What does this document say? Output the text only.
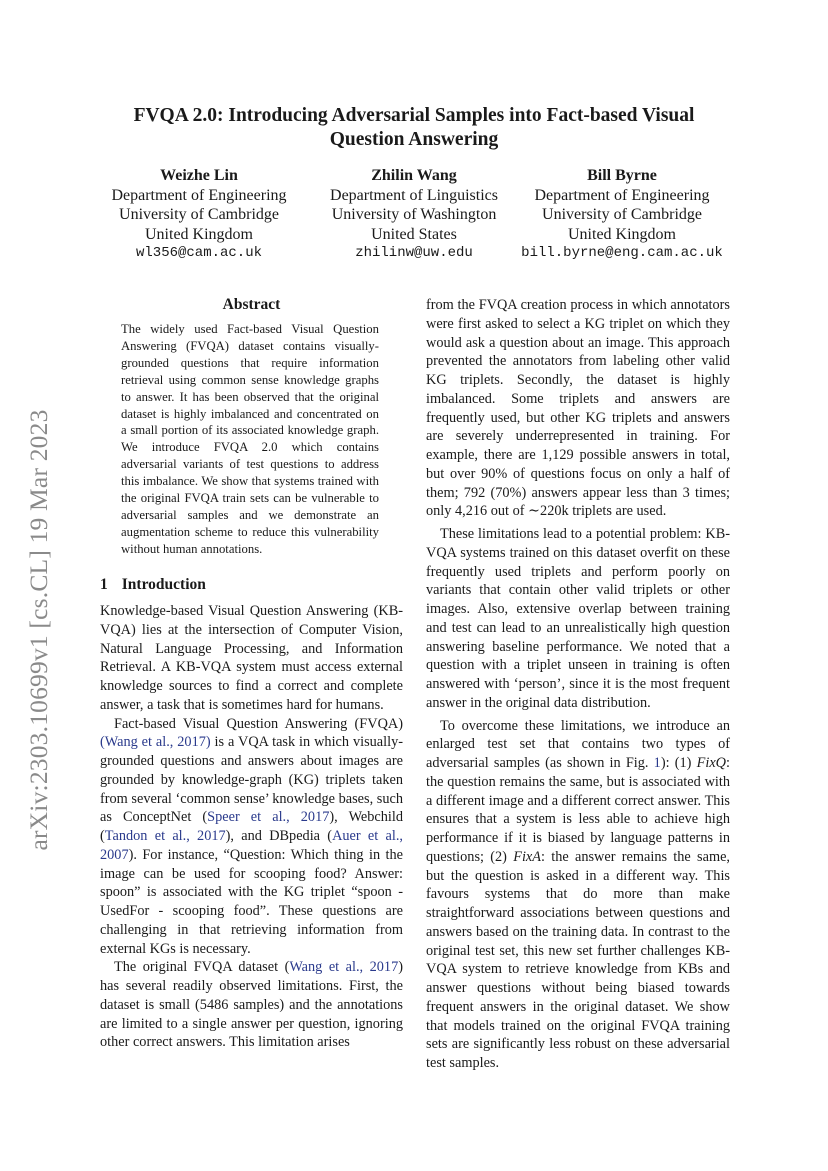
arXiv:2303.10699v1 [cs.CL] 19 Mar 2023
FVQA 2.0: Introducing Adversarial Samples into Fact-based Visual
Question Answering
Weizhe Lin
Department of Engineering
University of Cambridge
United Kingdom
wl356@cam.ac.uk
Zhilin Wang
Department of Linguistics
University of Washington
United States
zhilinw@uw.edu
Bill Byrne
Department of Engineering
University of Cambridge
United Kingdom
bill.byrne@eng.cam.ac.uk
Abstract
The widely used Fact-based Visual Question Answering (FVQA) dataset contains visually-grounded questions that require information retrieval using common sense knowledge graphs to answer. It has been observed that the original dataset is highly imbalanced and concentrated on a small portion of its associated knowledge graph. We introduce FVQA 2.0 which contains adversarial variants of test questions to address this imbalance. We show that systems trained with the original FVQA train sets can be vulnerable to adversarial samples and we demonstrate an augmentation scheme to reduce this vulnerability without human annotations.
1 Introduction

Knowledge-based Visual Question Answering (KB-VQA) lies at the intersection of Computer Vision, Natural Language Processing, and Information Retrieval. A KB-VQA system must access external knowledge sources to find a correct and complete answer, a task that is sometimes hard for humans.

Fact-based Visual Question Answering (FVQA) (Wang et al., 2017) is a VQA task in which visually-grounded questions and answers about images are grounded by knowledge-graph (KG) triplets taken from several ‘common sense’ knowledge bases, such as ConceptNet (Speer et al., 2017), Webchild (Tandon et al., 2017), and DBpedia (Auer et al., 2007). For instance, “Question: Which thing in the image can be used for scooping food? Answer: spoon” is associated with the KG triplet “spoon - UsedFor - scooping food”. These questions are challenging in that retrieving information from external KGs is necessary.

The original FVQA dataset (Wang et al., 2017) has several readily observed limitations. First, the dataset is small (5486 samples) and the annotations are limited to a single answer per question, ignoring other correct answers. This limitation arises

from the FVQA creation process in which annotators were first asked to select a KG triplet on which they would ask a question about an image. This approach prevented the annotators from labeling other valid KG triplets. Secondly, the dataset is highly imbalanced. Some triplets and answers are frequently used, but other KG triplets and answers are severely underrepresented in training. For example, there are 1,129 possible answers in total, but over 90% of questions focus on only a half of them; 792 (70%) answers appear less than 3 times; only 4,216 out of ∼220k triplets are used.

These limitations lead to a potential problem: KB-VQA systems trained on this dataset overfit on these frequently used triplets and perform poorly on variants that contain other valid triplets or other images. Also, extensive overlap between training and test can lead to an unrealistically high question answering baseline performance. We noted that a question with a triplet unseen in training is often answered with ‘person’, since it is the most frequent answer in the original data distribution.

To overcome these limitations, we introduce an enlarged test set that contains two types of adversarial samples (as shown in Fig. 1): (1) FixQ: the question remains the same, but is associated with a different image and a different correct answer. This ensures that a system is less able to achieve high performance if it is biased by language patterns in questions; (2) FixA: the answer remains the same, but the question is asked in a different way. This favours systems that do more than make straightforward associations between questions and answers based on the training data. In contrast to the original test set, this new set further challenges KB-VQA system to retrieve knowledge from KBs and answer questions without being biased towards frequent answers in the original dataset. We show that models trained on the original FVQA training sets are significantly less robust on these adversarial test samples.
